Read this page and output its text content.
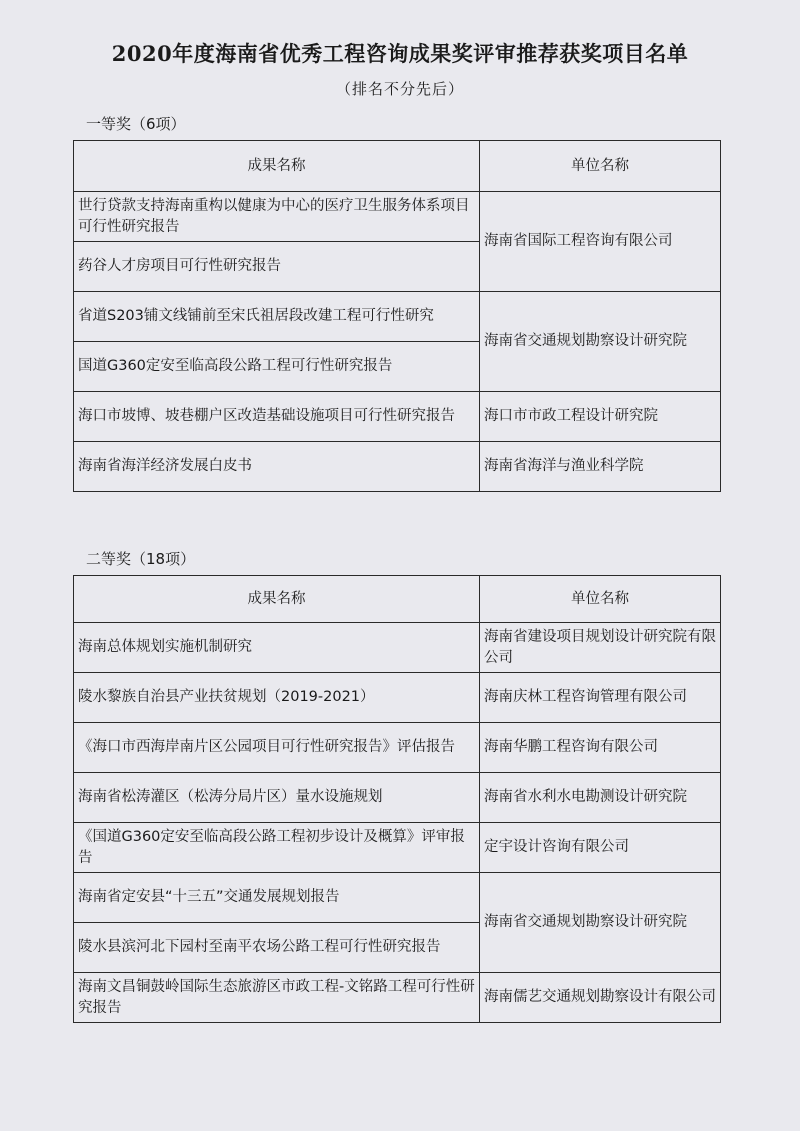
2020年度海南省优秀工程咨询成果奖评审推荐获奖项目名单
（排名不分先后）
一等奖（6项）
成果名称	单位名称
世行贷款支持海南重构以健康为中心的医疗卫生服务体系项目可行性研究报告	海南省国际工程咨询有限公司
药谷人才房项目可行性研究报告	
省道S203铺文线铺前至宋氏祖居段改建工程可行性研究	海南省交通规划勘察设计研究院
国道G360定安至临高段公路工程可行性研究报告	
海口市坡博、坡巷棚户区改造基础设施项目可行性研究报告	海口市市政工程设计研究院
海南省海洋经济发展白皮书	海南省海洋与渔业科学院
二等奖（18项）
成果名称	单位名称
海南总体规划实施机制研究	海南省建设项目规划设计研究院有限公司
陵水黎族自治县产业扶贫规划（2019-2021）	海南庆林工程咨询管理有限公司
《海口市西海岸南片区公园项目可行性研究报告》评估报告	海南华鹏工程咨询有限公司
海南省松涛灌区（松涛分局片区）量水设施规划	海南省水利水电勘测设计研究院
《国道G360定安至临高段公路工程初步设计及概算》评审报告	定宇设计咨询有限公司
海南省定安县“十三五”交通发展规划报告	海南省交通规划勘察设计研究院
陵水县滨河北下园村至南平农场公路工程可行性研究报告	
海南文昌铜鼓岭国际生态旅游区市政工程-文铭路工程可行性研究报告	海南儒艺交通规划勘察设计有限公司
